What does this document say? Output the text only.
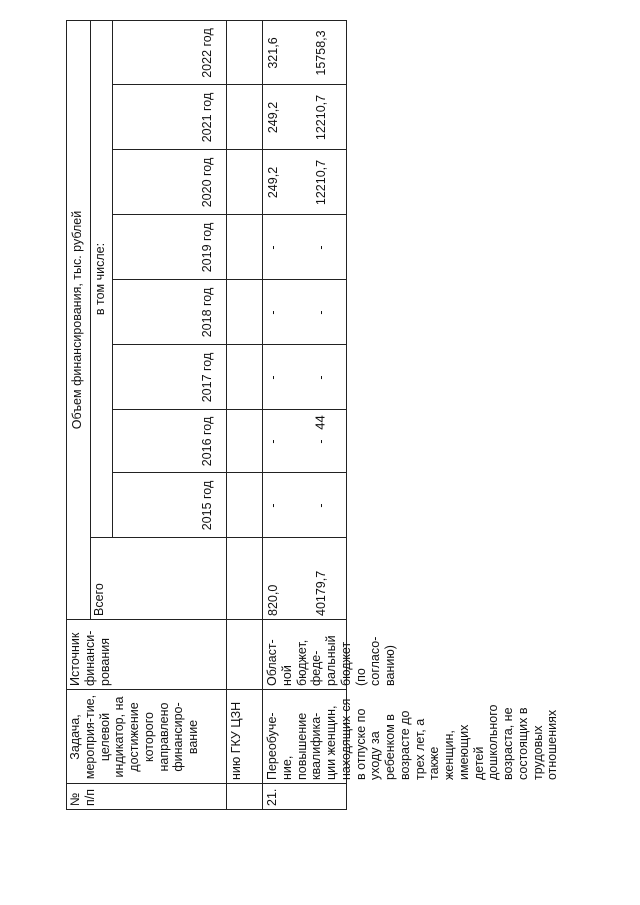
44
№ п/п
Задача, мероприя-тие, целевой индикатор, на достижение которого направлено финансиро-вание
Источник финанси-рования
Объем финансирования, тыс. рублей
Всего
в том числе:
2015 год
2016 год
2017 год
2018 год
2019 год
2020 год
2021 год
2022 год
нию ГКУ ЦЗН
21.
Переобуче-ние, повышение квалифика-ции женщин, находящих-ся в отпуске по уходу за ребенком в возрасте до трех лет, а также женщин, имеющих детей дошкольного возраста, не состоящих в трудовых отношениях
Област-ной бюджет, феде-ральный бюджет (по согласо-ванию)
820,0	40179,7
-
-
-
-
-
249,2
249,2
321,6
-
-
-
-
-
12210,7
12210,7
15758,3
